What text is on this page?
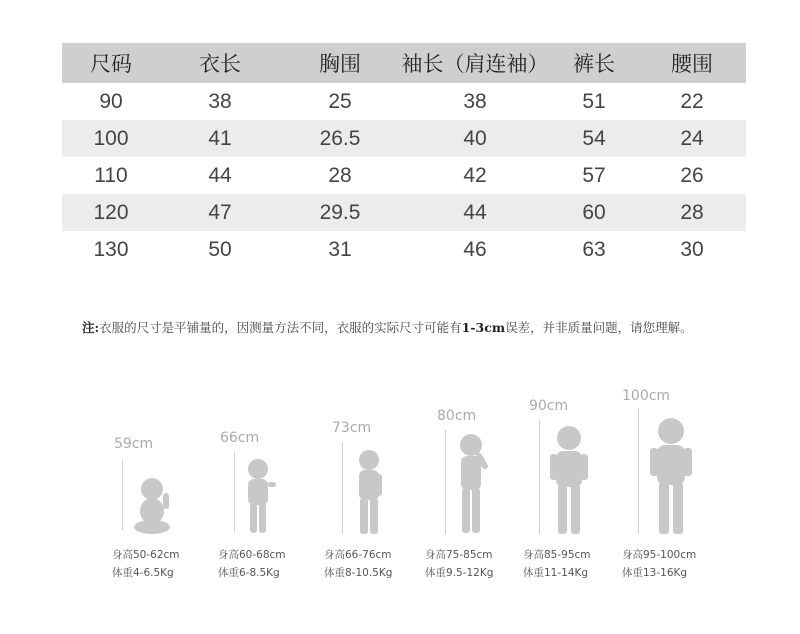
尺码	衣长	胸围	袖长（肩连袖）	裤长	腰围
90	38	25	38	51	22
100	41	26.5	40	54	24
110	44	28	42	57	26
120	47	29.5	44	60	28
130	50	31	46	63	30
注:衣服的尺寸是平铺量的，因测量方法不同，衣服的实际尺寸可能有1-3cm误差，并非质量问题，请您理解。
59cm
身高50-62cm
体重4-6.5Kg
66cm
身高60-68cm
体重6-8.5Kg
73cm
身高66-76cm
体重8-10.5Kg
80cm
身高75-85cm
体重9.5-12Kg
90cm
身高85-95cm
体重11-14Kg
100cm
身高95-100cm
体重13-16Kg
